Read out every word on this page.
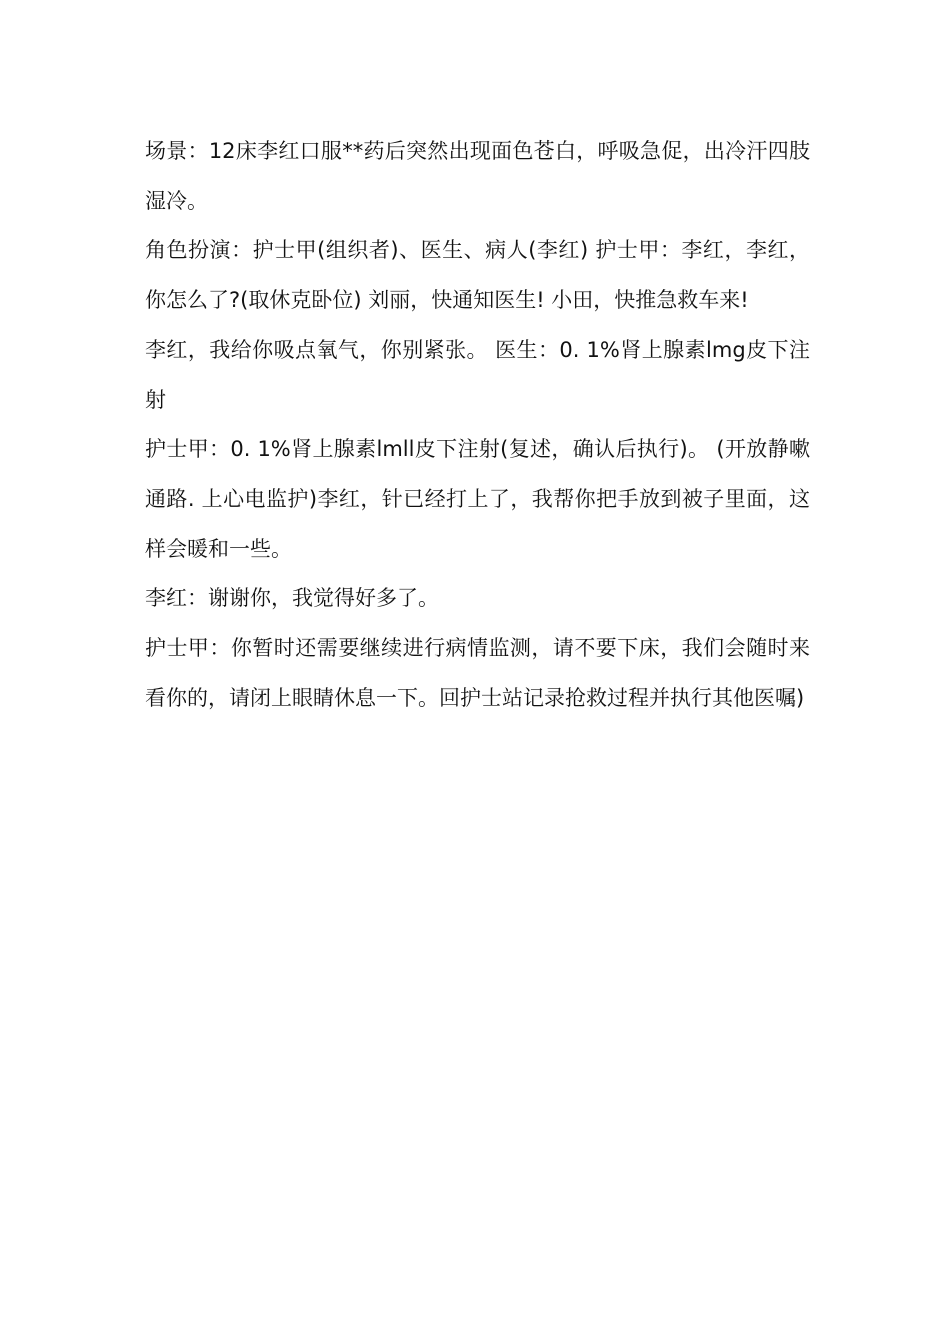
场景：12床李红口服**药后突然出现面色苍白，呼吸急促，出冷汗四肢湿冷。

角色扮演：护士甲(组织者)、医生、病人(李红) 护士甲：李红，李红，你怎么了?(取休克卧位) 刘丽，快通知医生! 小田，快推急救车来!

李红，我给你吸点氧气，你别紧张。 医生：0. 1%肾上腺素lmg皮下注射

护士甲：0. 1%肾上腺素lmll皮下注射(复述，确认后执行)。 (开放静嗽通路. 上心电监护)李红，针已经打上了，我帮你把手放到被子里面，这样会暖和一些。

李红：谢谢你，我觉得好多了。

护士甲：你暂时还需要继续进行病情监测，请不要下床，我们会随时来看你的，请闭上眼睛休息一下。回护士站记录抢救过程并执行其他医嘱)
